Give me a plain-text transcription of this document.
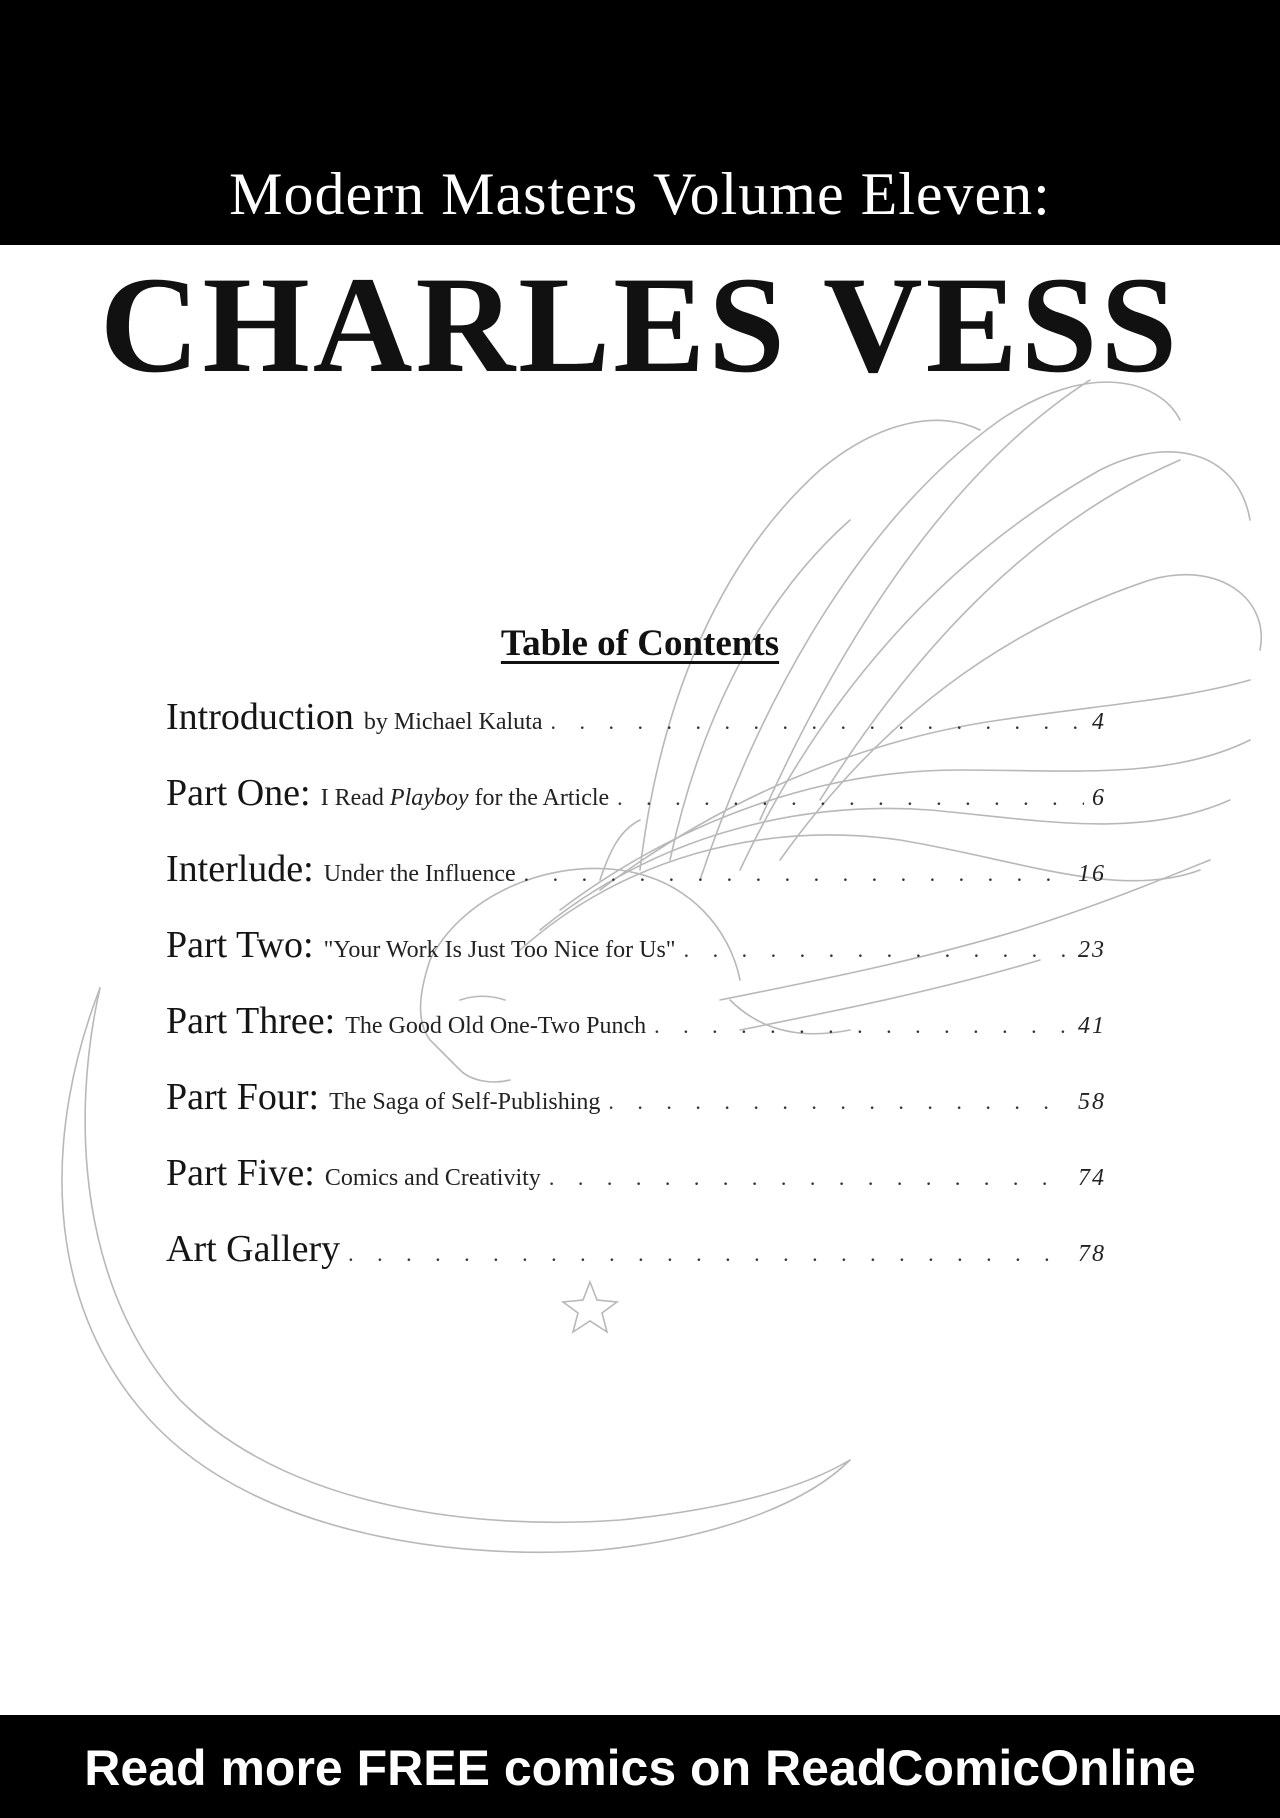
Modern Masters Volume Eleven:
CHARLES VESS
Table of Contents
Introduction by Michael Kaluta . . .	4
Part One : I Read Playboy for the Article . . .	6
Interlude : Under the Influence . . .	16
Part Two : "Your Work Is Just Too Nice for Us" . . .	23
Part Three : The Good Old One-Two Punch . . .	41
Part Four : The Saga of Self-Publishing . . .	58
Part Five : Comics and Creativity . . .	74
Art Gallery . . .	78
Read more FREE comics on ReadComicOnline
